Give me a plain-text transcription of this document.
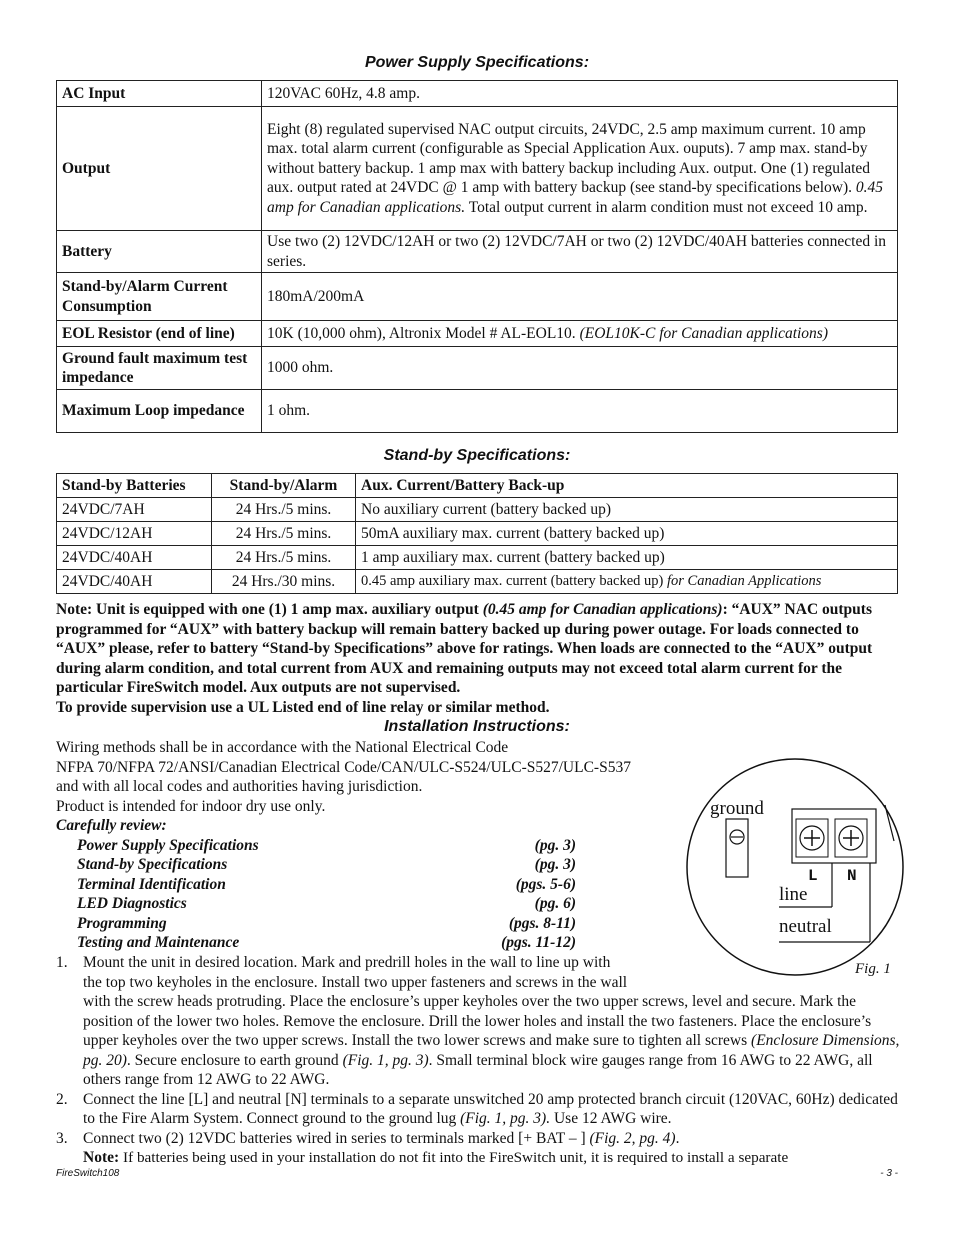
Power Supply Specifications:
AC Input	120VAC 60Hz, 4.8 amp.
Output	Eight (8) regulated supervised NAC output circuits, 24VDC, 2.5 amp maximum current. 10 amp max. total alarm current (configurable as Special Application Aux. ouputs). 7 amp max. stand-by without battery backup. 1 amp max with battery backup including Aux. output. One (1) regulated aux. output rated at 24VDC @ 1 amp with battery backup (see stand-by specifications below). 0.45 amp for Canadian applications. Total output current in alarm condition must not exceed 10 amp.
Battery	Use two (2) 12VDC/12AH or two (2) 12VDC/7AH or two (2) 12VDC/40AH batteries connected in series.
Stand-by/Alarm Current Consumption	180mA/200mA
EOL Resistor (end of line)	10K (10,000 ohm), Altronix Model # AL-EOL10. (EOL10K-C for Canadian applications)
Ground fault maximum test impedance	1000 ohm.
Maximum Loop impedance	1 ohm.
Stand-by Specifications:
Stand-by Batteries	Stand-by/Alarm	Aux. Current/Battery Back-up
24VDC/7AH	24 Hrs./5 mins.	No auxiliary current (battery backed up)
24VDC/12AH	24 Hrs./5 mins.	50mA auxiliary max. current (battery backed up)
24VDC/40AH	24 Hrs./5 mins.	1 amp auxiliary max. current (battery backed up)
24VDC/40AH	24 Hrs./30 mins.	0.45 amp auxiliary max. current (battery backed up) for Canadian Applications
Note: Unit is equipped with one (1) 1 amp max. auxiliary output (0.45 amp for Canadian applications): “AUX” NAC outputs programmed for “AUX” with battery backup will remain battery backed up during power outage. For loads connected to “AUX” please, refer to battery “Stand-by Specifications” above for ratings. When loads are connected to the “AUX” output during alarm condition, and total current from AUX and remaining outputs may not exceed total alarm current for the particular FireSwitch model. Aux outputs are not supervised.
To provide supervision use a UL Listed end of line relay or similar method.
Installation Instructions:
Wiring methods shall be in accordance with the National Electrical Code
NFPA 70/NFPA 72/ANSI/Canadian Electrical Code/CAN/ULC-S524/ULC-S527/ULC-S537
and with all local codes and authorities having jurisdiction.
Product is intended for indoor dry use only.
Carefully review:
Power Supply Specifications	(pg. 3)
Stand-by Specifications	(pg. 3)
Terminal Identification	(pgs. 5-6)
LED Diagnostics	(pg. 6)
Programming	(pgs. 8-11)
Testing and Maintenance	(pgs. 11-12)
ground
L N
line
neutral
Fig. 1
1. Mount the unit in desired location. Mark and predrill holes in the wall to line up with
the top two keyholes in the enclosure. Install two upper fasteners and screws in the wall
with the screw heads protruding. Place the enclosure’s upper keyholes over the two upper screws, level and secure. Mark the position of the lower two holes. Remove the enclosure. Drill the lower holes and install the two fasteners. Place the enclosure’s upper keyholes over the two upper screws. Install the two lower screws and make sure to tighten all screws (Enclosure Dimensions, pg. 20). Secure enclosure to earth ground (Fig. 1, pg. 3). Small terminal block wire gauges range from 16 AWG to 22 AWG, all others range from 12 AWG to 22 AWG.
2. Connect the line [L] and neutral [N] terminals to a separate unswitched 20 amp protected branch circuit (120VAC, 60Hz) dedicated to the Fire Alarm System. Connect ground to the ground lug (Fig. 1, pg. 3). Use 12 AWG wire.
3. Connect two (2) 12VDC batteries wired in series to terminals marked [+ BAT – ] (Fig. 2, pg. 4).
Note: If batteries being used in your installation do not fit into the FireSwitch unit, it is required to install a separate
FireSwitch108	- 3 -
